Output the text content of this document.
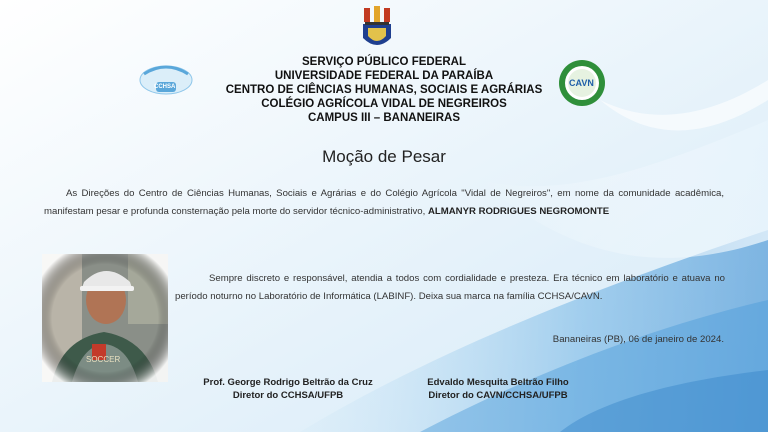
CCHSA	CAVN
SERVIÇO PÚBLICO FEDERAL
UNIVERSIDADE FEDERAL DA PARAÍBA
CENTRO DE CIÊNCIAS HUMANAS, SOCIAIS E AGRÁRIAS
COLÉGIO AGRÍCOLA VIDAL DE NEGREIROS
CAMPUS III – BANANEIRAS
Moção de Pesar
As Direções do Centro de Ciências Humanas, Sociais e Agrárias e do Colégio Agrícola "Vidal de Negreiros", em nome da comunidade acadêmica, manifestam pesar e profunda consternação pela morte do servidor técnico-administrativo, ALMANYR RODRIGUES NEGROMONTE
Sempre discreto e responsável, atendia a todos com cordialidade e presteza. Era técnico em laboratório e atuava no período noturno no Laboratório de Informática (LABINF). Deixa sua marca na família CCHSA/CAVN.
Bananeiras (PB), 06 de janeiro de 2024.
Prof. George Rodrigo Beltrão da Cruz
Diretor do CCHSA/UFPB
Edvaldo Mesquita Beltrão Filho
Diretor do CAVN/CCHSA/UFPB
